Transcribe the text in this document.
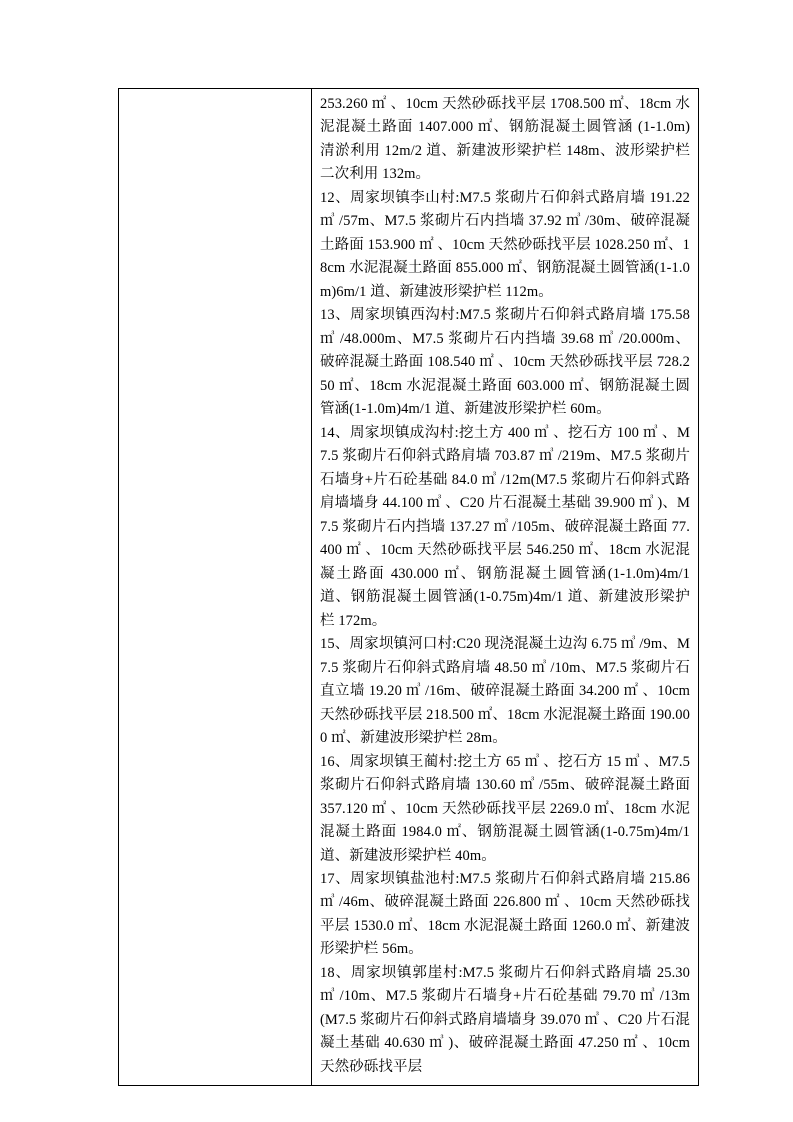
253.260 ㎡ 、10cm 天然砂砾找平层 1708.500 ㎡、18cm 水泥混凝土路面 1407.000 ㎡、钢筋混凝土圆管涵 (1-1.0m) 清淤利用 12m/2 道、新建波形梁护栏 148m、波形梁护栏二次利用 132m。

12、周家坝镇李山村:M7.5 浆砌片石仰斜式路肩墙 191.22 ㎥ /57m、M7.5 浆砌片石内挡墙 37.92 ㎥ /30m、破碎混凝土路面 153.900 ㎡ 、10cm 天然砂砾找平层 1028.250 ㎡、18cm 水泥混凝土路面 855.000 ㎡、钢筋混凝土圆管涵(1-1.0m)6m/1 道、新建波形梁护栏 112m。

13、周家坝镇西沟村:M7.5 浆砌片石仰斜式路肩墙 175.58 ㎥ /48.000m、M7.5 浆砌片石内挡墙 39.68 ㎥ /20.000m、破碎混凝土路面 108.540 ㎡ 、10cm 天然砂砾找平层 728.250 ㎡、18cm 水泥混凝土路面 603.000 ㎡、钢筋混凝土圆管涵(1-1.0m)4m/1 道、新建波形梁护栏 60m。

14、周家坝镇成沟村:挖土方 400 ㎥ 、挖石方 100 ㎥ 、M7.5 浆砌片石仰斜式路肩墙 703.87 ㎥ /219m、M7.5 浆砌片石墙身+片石砼基础 84.0 ㎥ /12m(M7.5 浆砌片石仰斜式路肩墙墙身 44.100 ㎥ 、C20 片石混凝土基础 39.900 ㎥ )、M7.5 浆砌片石内挡墙 137.27 ㎥ /105m、破碎混凝土路面 77.400 ㎡ 、10cm 天然砂砾找平层 546.250 ㎡、18cm 水泥混凝土路面 430.000 ㎡、钢筋混凝土圆管涵(1-1.0m)4m/1 道、钢筋混凝土圆管涵(1-0.75m)4m/1 道、新建波形梁护栏 172m。

15、周家坝镇河口村:C20 现浇混凝土边沟 6.75 ㎥ /9m、M7.5 浆砌片石仰斜式路肩墙 48.50 ㎥ /10m、M7.5 浆砌片石直立墙 19.20 ㎥ /16m、破碎混凝土路面 34.200 ㎡ 、10cm 天然砂砾找平层 218.500 ㎡、18cm 水泥混凝土路面 190.000 ㎡、新建波形梁护栏 28m。

16、周家坝镇王蔺村:挖土方 65 ㎥ 、挖石方 15 ㎥ 、M7.5 浆砌片石仰斜式路肩墙 130.60 ㎥ /55m、破碎混凝土路面 357.120 ㎡ 、10cm 天然砂砾找平层 2269.0 ㎡、18cm 水泥混凝土路面 1984.0 ㎡、钢筋混凝土圆管涵(1-0.75m)4m/1 道、新建波形梁护栏 40m。

17、周家坝镇盐池村:M7.5 浆砌片石仰斜式路肩墙 215.86 ㎥ /46m、破碎混凝土路面 226.800 ㎡ 、10cm 天然砂砾找平层 1530.0 ㎡、18cm 水泥混凝土路面 1260.0 ㎡、新建波形梁护栏 56m。

18、周家坝镇郭崖村:M7.5 浆砌片石仰斜式路肩墙 25.30 ㎥ /10m、M7.5 浆砌片石墙身+片石砼基础 79.70 ㎥ /13m(M7.5 浆砌片石仰斜式路肩墙墙身 39.070 ㎥ 、C20 片石混凝土基础 40.630 ㎥ )、破碎混凝土路面 47.250 ㎡ 、10cm 天然砂砾找平层
